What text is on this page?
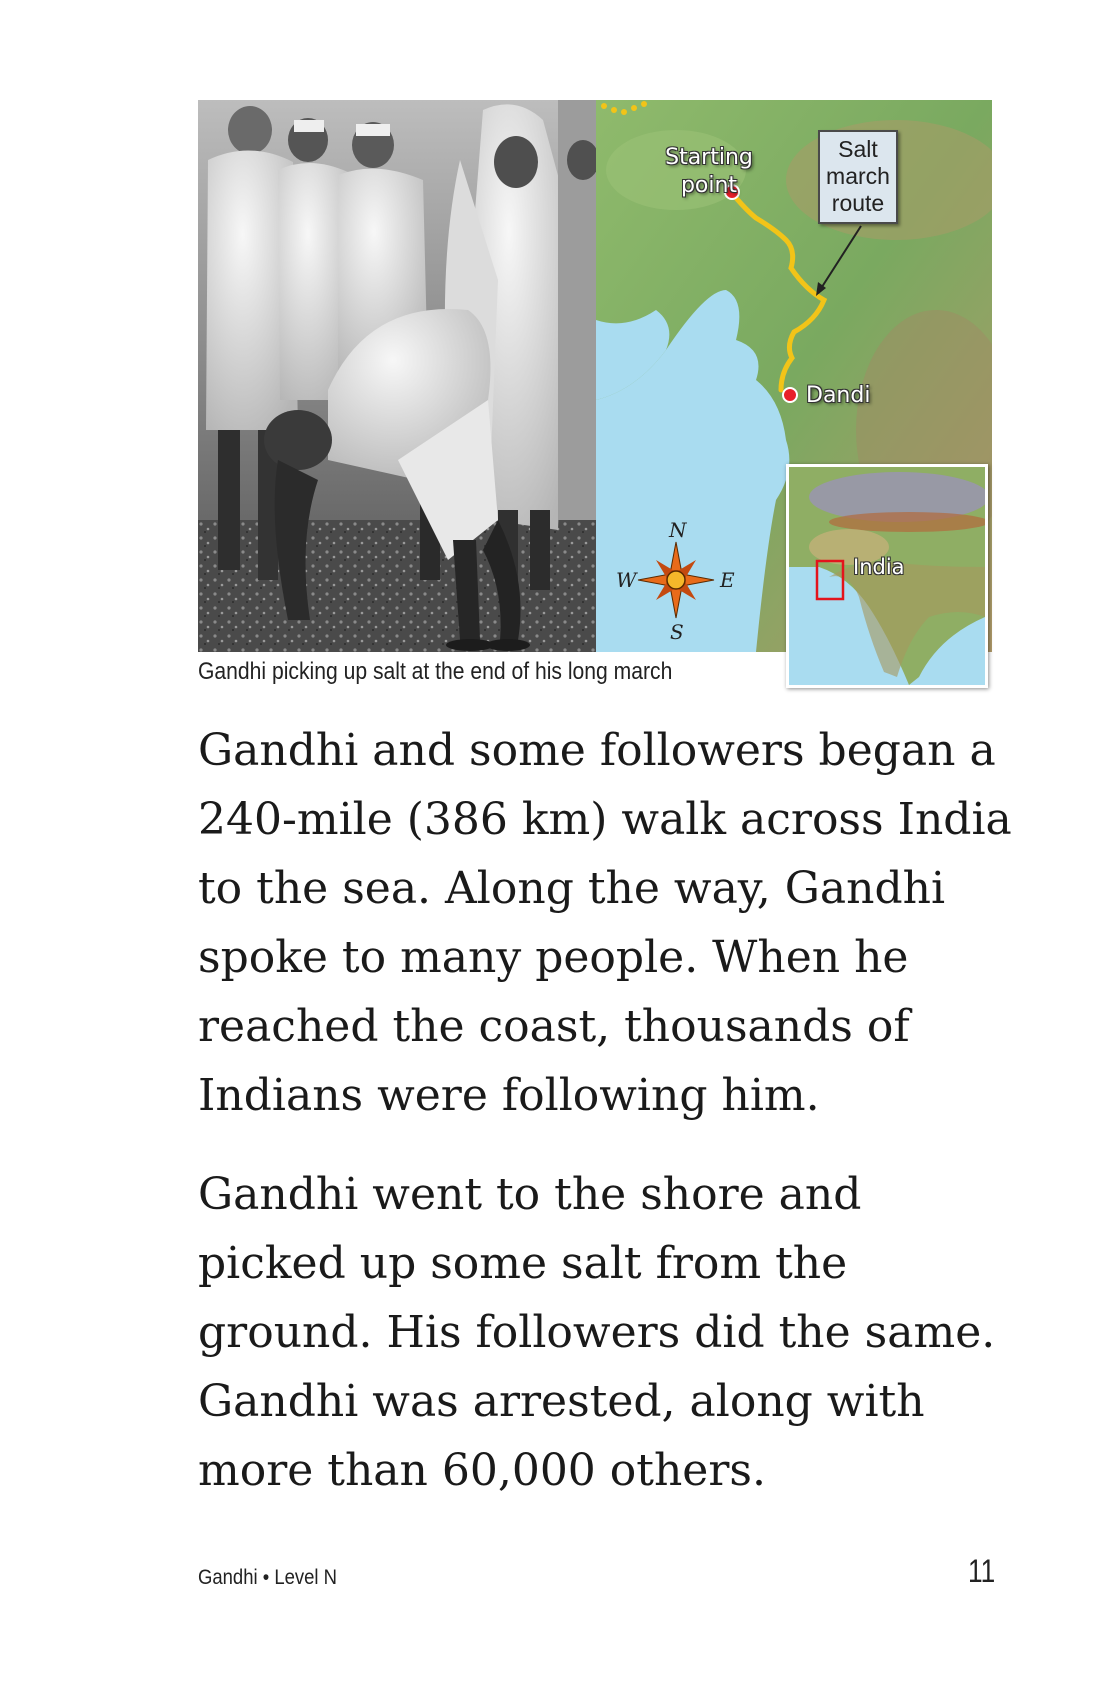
Starting
point
Dandi
Salt
march
route
N
S
E
W
India
Gandhi picking up salt at the end of his long march
Gandhi and some followers began a
240-mile (386 km) walk across India
to the sea. Along the way, Gandhi
spoke to many people. When he
reached the coast, thousands of
Indians were following him.
Gandhi went to the shore and
picked up some salt from the
ground. His followers did the same.
Gandhi was arrested, along with
more than 60,000 others.
Gandhi • Level N	11
